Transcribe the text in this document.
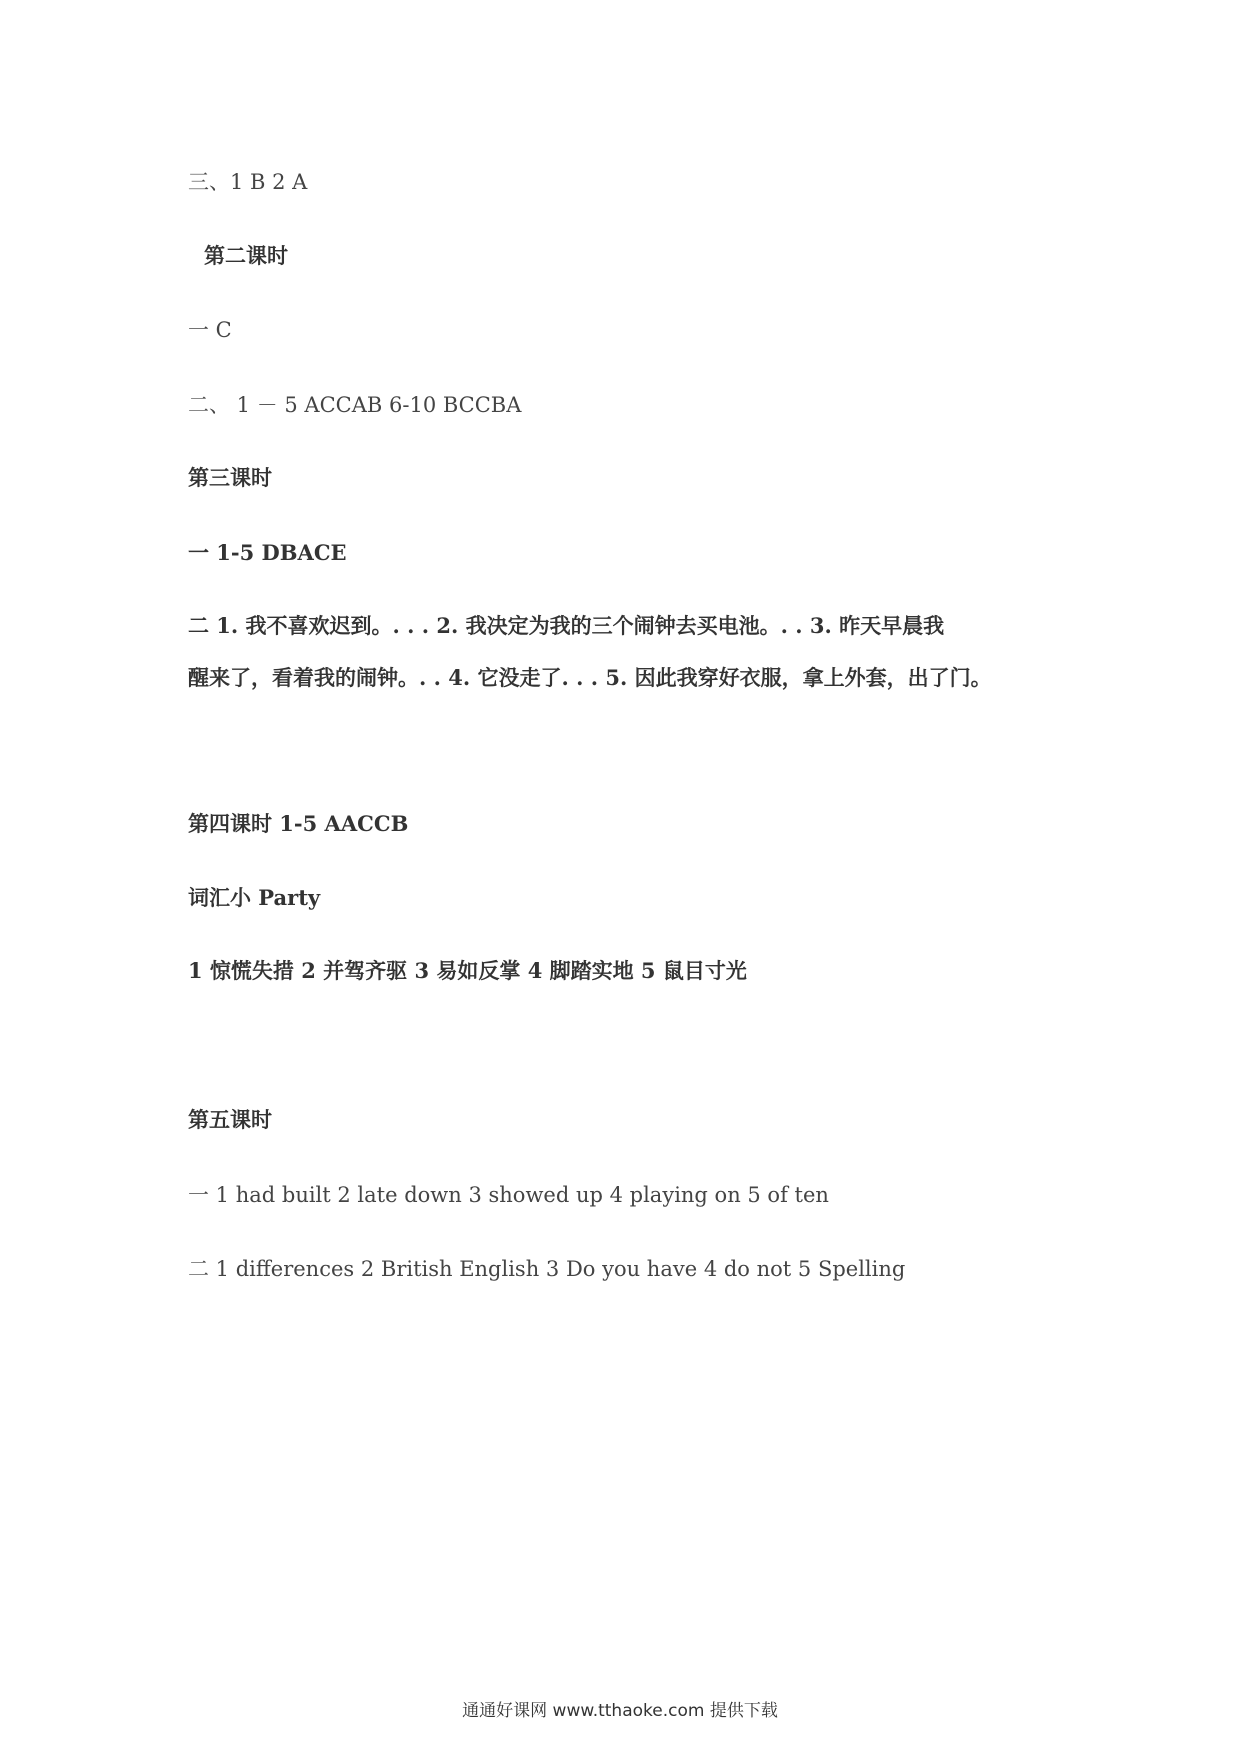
三、1 B 2 A
第二课时
一 C
二、 1 － 5 ACCAB 6-10 BCCBA
第三课时
一 1-5 DBACE
二 1. 我不喜欢迟到。. . . 2. 我决定为我的三个闹钟去买电池。. . 3. 昨天早晨我
醒来了，看着我的闹钟。. . 4. 它没走了. . . 5. 因此我穿好衣服，拿上外套，出了门。
第四课时 1-5 AACCB
词汇小 Party
1 惊慌失措 2 并驾齐驱 3 易如反掌 4 脚踏实地 5 鼠目寸光
第五课时
一 1 had built 2 late down 3 showed up 4 playing on 5 of ten
二 1 differences 2 British English 3 Do you have 4 do not 5 Spelling
通通好课网 www.tthaoke.com 提供下载
